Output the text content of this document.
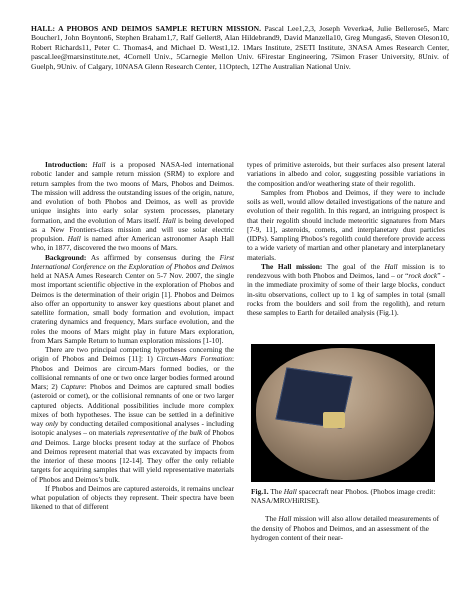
HALL: A PHOBOS AND DEIMOS SAMPLE RETURN MISSION. Pascal Lee1,2,3, Joseph Veverka4, Julie Bellerose5, Marc Boucher1, John Boynton6, Stephen Braham1,7, Ralf Gellert8, Alan Hildebrand9, David Manzella10, Greg Mungas6, Steven Oleson10, Robert Richards11, Peter C. Thomas4, and Michael D. West1,12. 1Mars Institute, 2SETI Institute, 3NASA Ames Research Center, pascal.lee@marsinstitute.net, 4Cornell Univ., 5Carnegie Mellon Univ. 6Firestar Engineering, 7Simon Fraser University, 8Univ. of Guelph, 9Univ. of Calgary, 10NASA Glenn Research Center, 11Optech, 12The Australian National Univ.

Introduction: Hall is a proposed NASA-led international robotic lander and sample return mission (SRM) to explore and return samples from the two moons of Mars, Phobos and Deimos. The mission will address the outstanding issues of the origin, nature, and evolution of both Phobos and Deimos, as well as provide unique insights into early solar system processes, planetary formation, and the evolution of Mars itself. Hall is being developed as a New Frontiers-class mission and will use solar electric propulsion. Hall is named after American astronomer Asaph Hall who, in 1877, discovered the two moons of Mars.

Background: As affirmed by consensus during the First International Conference on the Exploration of Phobos and Deimos held at NASA Ames Research Center on 5-7 Nov. 2007, the single most important scientific objective in the exploration of Phobos and Deimos is the determination of their origin [1]. Phobos and Deimos also offer an opportunity to answer key questions about planet and satellite formation, small body formation and evolution, impact cratering dynamics and frequency, Mars surface evolution, and the roles the moons of Mars might play in future Mars exploration, from Mars Sample Return to human exploration missions [1-10].

There are two principal competing hypotheses concerning the origin of Phobos and Deimos [11]: 1) Circum-Mars Formation: Phobos and Deimos are circum-Mars formed bodies, or the collisional remnants of one or two once larger bodies formed around Mars; 2) Capture: Phobos and Deimos are captured small bodies (asteroid or comet), or the collisional remnants of one or two larger captured objects. Additional possibilities include more complex mixes of both hypotheses. The issue can be settled in a definitive way only by conducting detailed compositional analyses - including isotopic analyses – on materials representative of the bulk of Phobos and Deimos. Large blocks present today at the surface of Phobos and Deimos represent material that was excavated by impacts from the interior of these moons [12-14]. They offer the only reliable targets for acquiring samples that will yield representative materials of Phobos and Deimos’s bulk.

If Phobos and Deimos are captured asteroids, it remains unclear what population of objects they represent. Their spectra have been likened to that of different

types of primitive asteroids, but their surfaces also present lateral variations in albedo and color, suggesting possible variations in the composition and/or weathering state of their regolith.

Samples from Phobos and Deimos, if they were to include soils as well, would allow detailed investigations of the nature and evolution of their regolith. In this regard, an intriguing prospect is that their regolith should include meteoritic signatures from Mars [7-9, 11], asteroids, comets, and interplanetary dust particles (IDPs). Sampling Phobos’s regolith could therefore provide access to a wide variety of martian and other planetary and interplanetary materials.

The Hall mission: The goal of the Hall mission is to rendezvous with both Phobos and Deimos, land – or “rock dock” - in the immediate proximity of some of their large blocks, conduct in-situ observations, collect up to 1 kg of samples in total (small rocks from the boulders and soil from the regolith), and return these samples to Earth for detailed analysis (Fig.1).

Fig.1. The Hall spacecraft near Phobos. (Phobos image credit: NASA/MRO/HiRISE).
The Hall mission will also allow detailed measurements of the density of Phobos and Deimos, and an assessment of the hydrogen content of their near-
